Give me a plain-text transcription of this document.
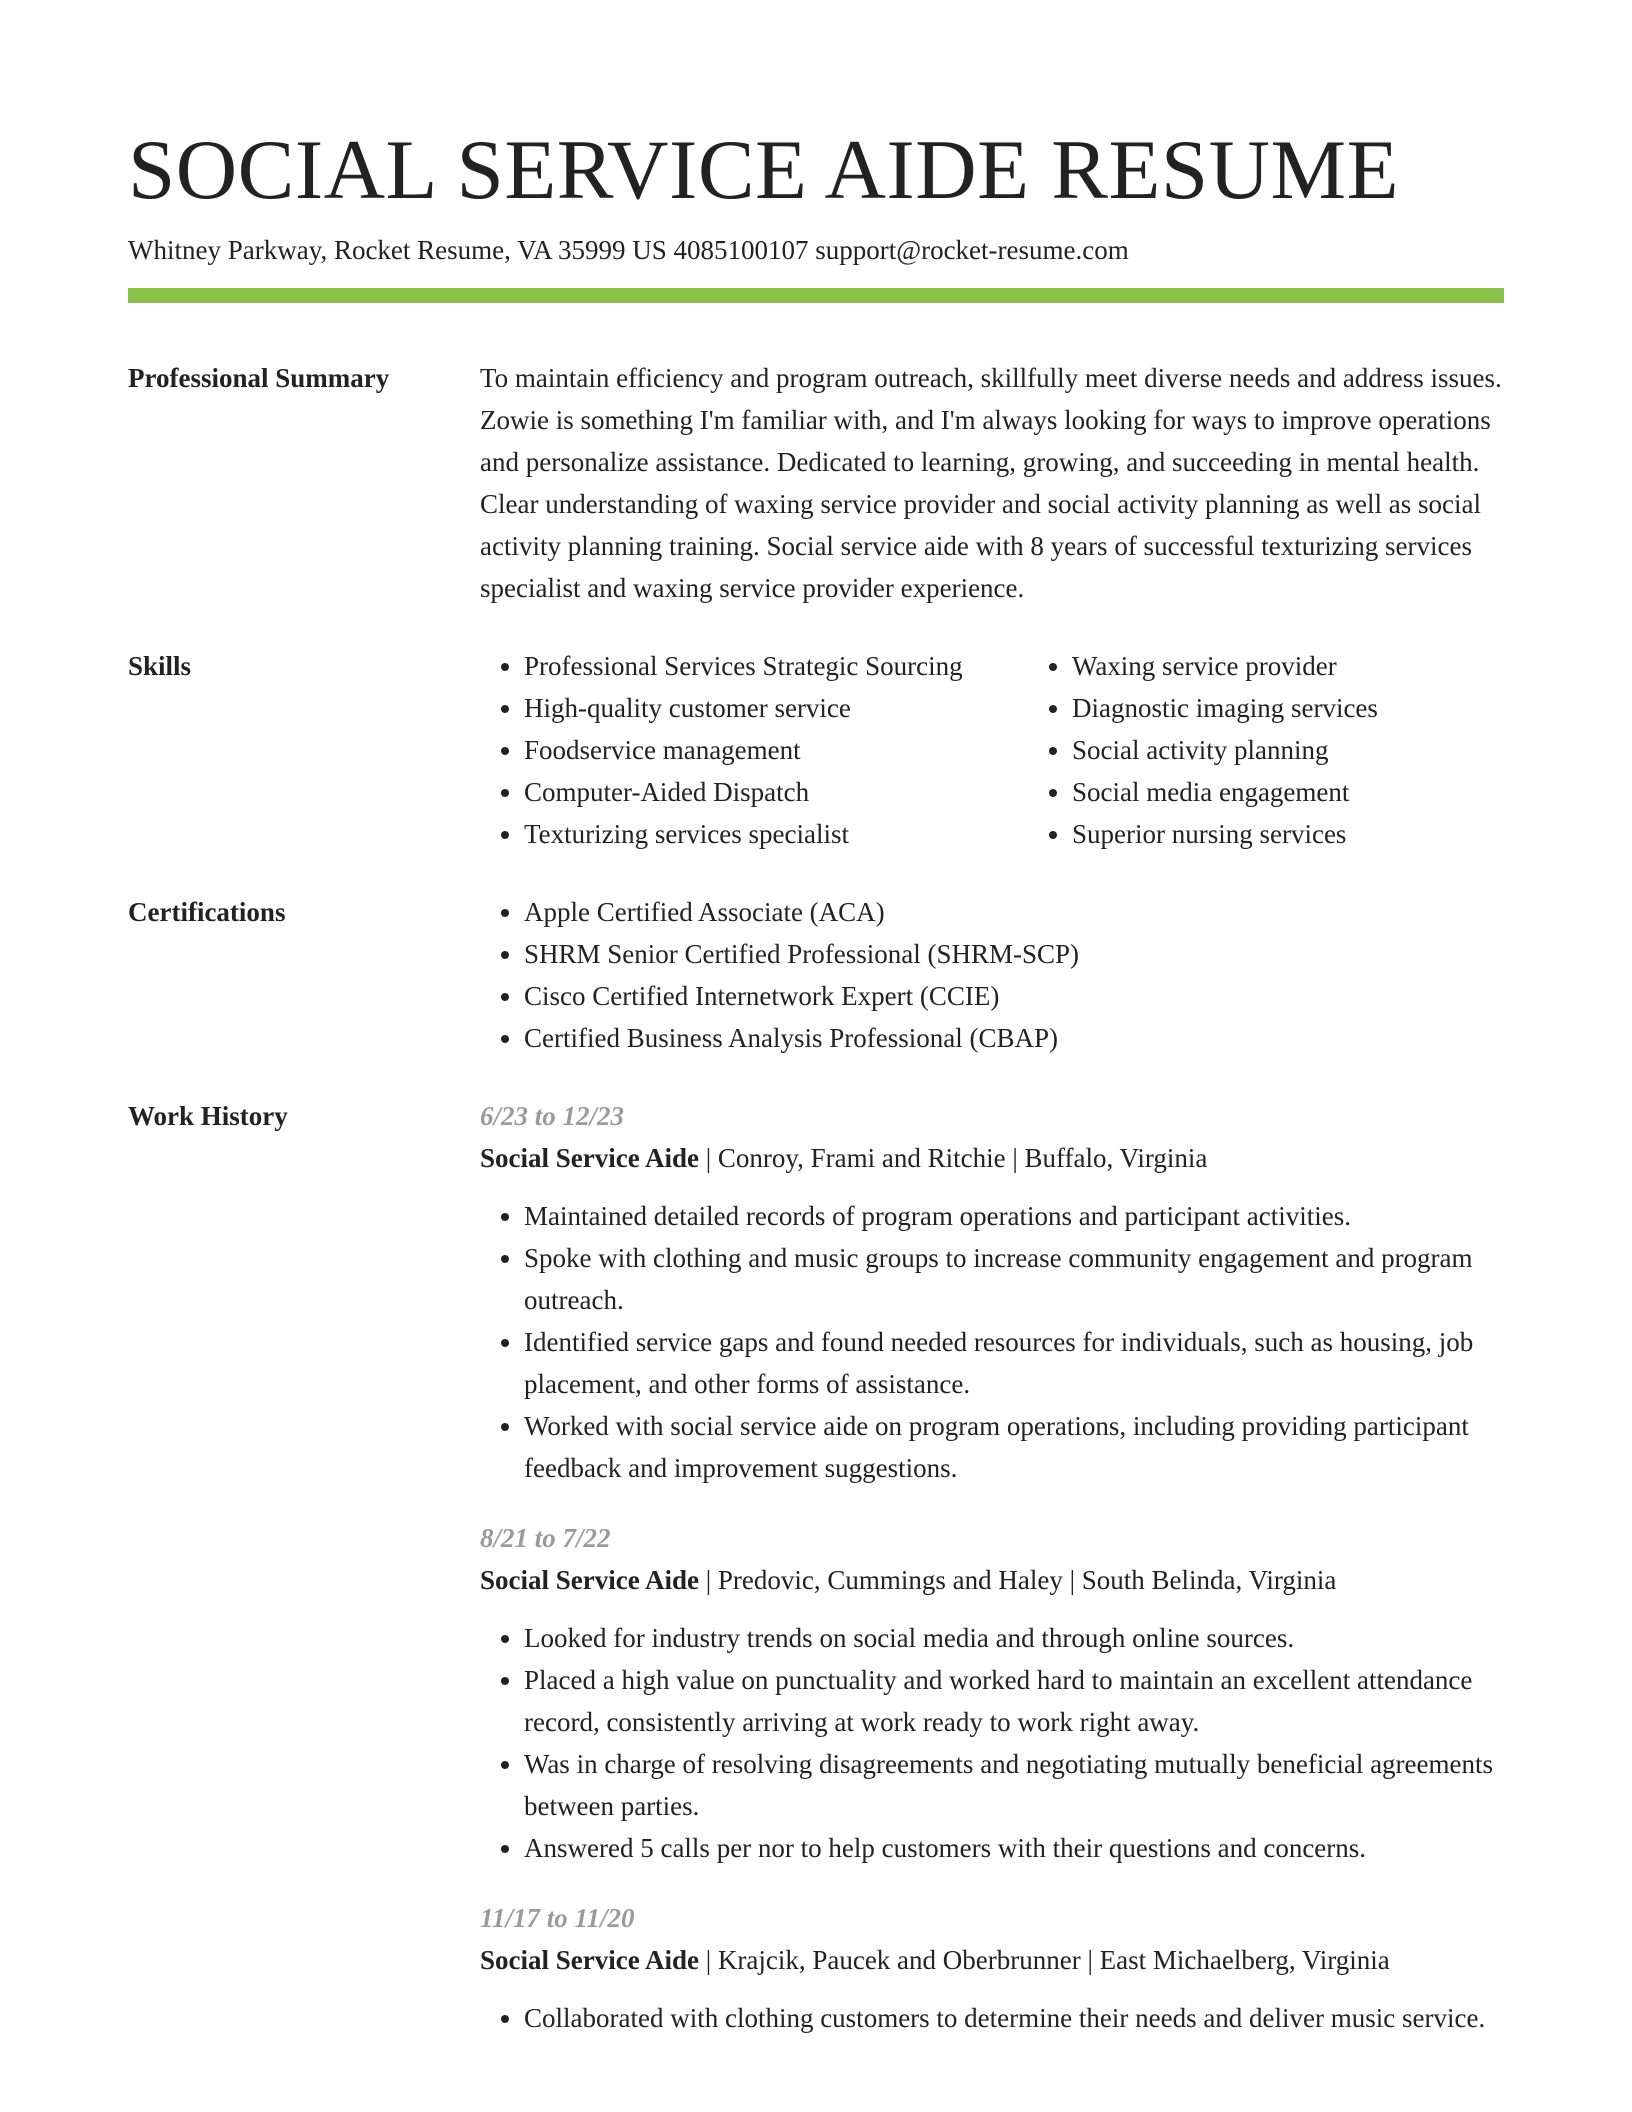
SOCIAL SERVICE AIDE RESUME
Whitney Parkway, Rocket Resume, VA 35999 US 4085100107 support@rocket-resume.com
Professional Summary	To maintain efficiency and program outreach, skillfully meet diverse needs and address issues. Zowie is something I'm familiar with, and I'm always looking for ways to improve operations and personalize assistance. Dedicated to learning, growing, and succeeding in mental health. Clear understanding of waxing service provider and social activity planning as well as social activity planning training. Social service aide with 8 years of successful texturizing services specialist and waxing service provider experience.
Skills	• Professional Services Strategic Sourcing
• High-quality customer service
• Foodservice management
• Computer-Aided Dispatch
• Texturizing services specialist
• Waxing service provider
• Diagnostic imaging services
• Social activity planning
• Social media engagement
• Superior nursing services
Certifications	• Apple Certified Associate (ACA)
• SHRM Senior Certified Professional (SHRM-SCP)
• Cisco Certified Internetwork Expert (CCIE)
• Certified Business Analysis Professional (CBAP)
Work History	6/23 to 12/23
Social Service Aide | Conroy, Frami and Ritchie | Buffalo, Virginia
• Maintained detailed records of program operations and participant activities.
• Spoke with clothing and music groups to increase community engagement and program outreach.
• Identified service gaps and found needed resources for individuals, such as housing, job placement, and other forms of assistance.
• Worked with social service aide on program operations, including providing participant feedback and improvement suggestions.
8/21 to 7/22
Social Service Aide | Predovic, Cummings and Haley | South Belinda, Virginia
• Looked for industry trends on social media and through online sources.
• Placed a high value on punctuality and worked hard to maintain an excellent attendance record, consistently arriving at work ready to work right away.
• Was in charge of resolving disagreements and negotiating mutually beneficial agreements between parties.
• Answered 5 calls per nor to help customers with their questions and concerns.
11/17 to 11/20
Social Service Aide | Krajcik, Paucek and Oberbrunner | East Michaelberg, Virginia
• Collaborated with clothing customers to determine their needs and deliver music service.
